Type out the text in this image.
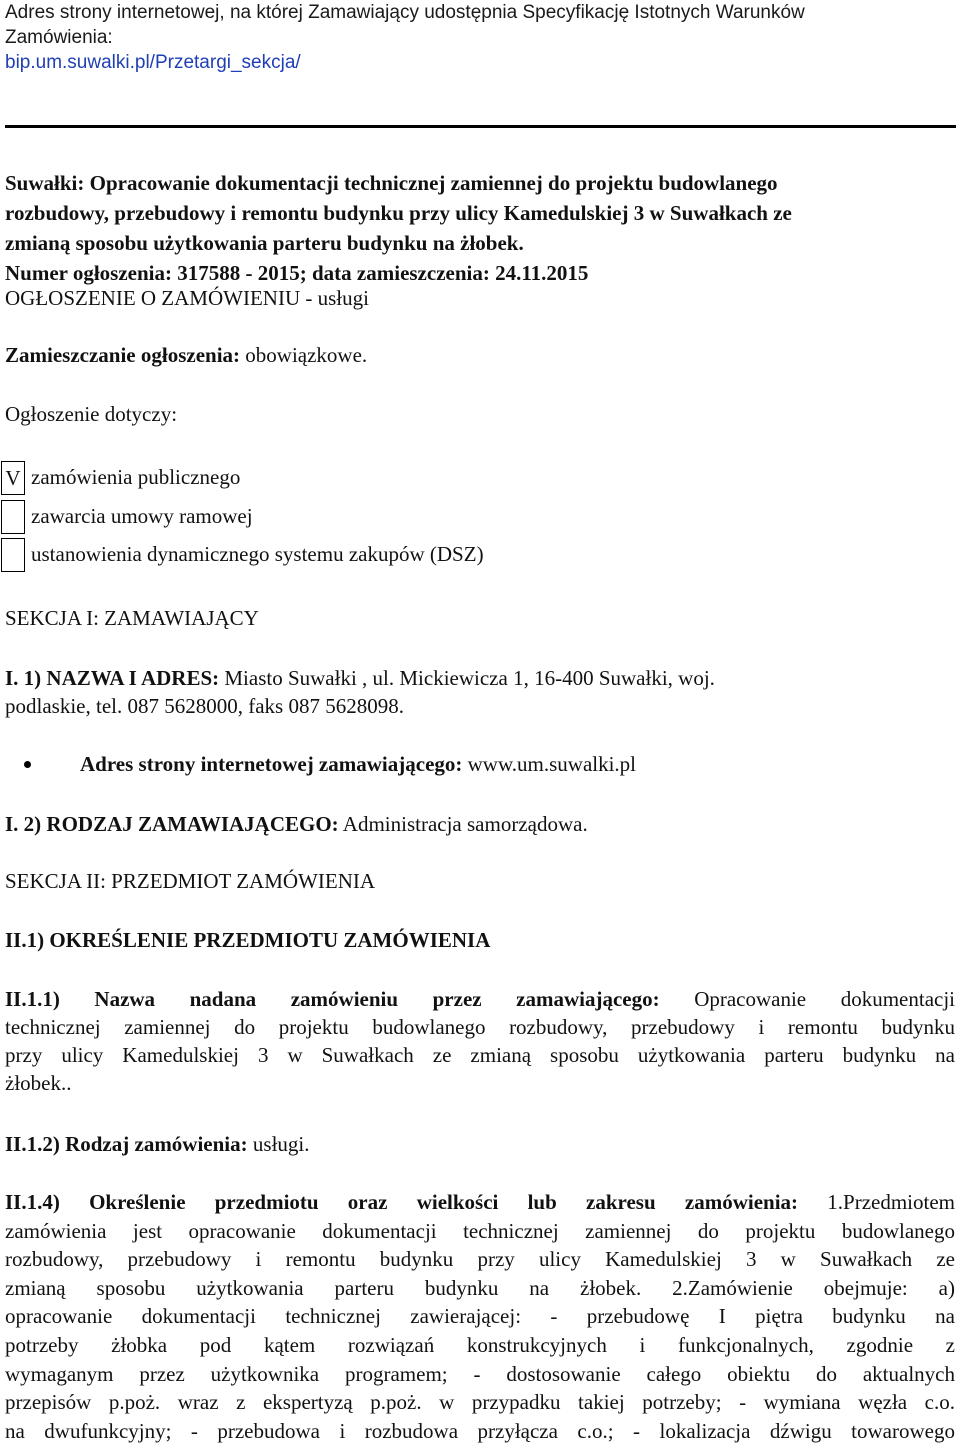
Adres strony internetowej, na której Zamawiający udostępnia Specyfikację Istotnych Warunków
Zamówienia:
bip.um.suwalki.pl/Przetargi_sekcja/
Suwałki: Opracowanie dokumentacji technicznej zamiennej do projektu budowlanego
rozbudowy, przebudowy i remontu budynku przy ulicy Kamedulskiej 3 w Suwałkach ze
zmianą sposobu użytkowania parteru budynku na żłobek.
Numer ogłoszenia: 317588 - 2015; data zamieszczenia: 24.11.2015
OGŁOSZENIE O ZAMÓWIENIU - usługi
Zamieszczanie ogłoszenia: obowiązkowe.
Ogłoszenie dotyczy:
V zamówienia publicznego
zawarcia umowy ramowej
ustanowienia dynamicznego systemu zakupów (DSZ)
SEKCJA I: ZAMAWIAJĄCY
I. 1) NAZWA I ADRES: Miasto Suwałki , ul. Mickiewicza 1, 16-400 Suwałki, woj.
podlaskie, tel. 087 5628000, faks 087 5628098.
Adres strony internetowej zamawiającego: www.um.suwalki.pl
I. 2) RODZAJ ZAMAWIAJĄCEGO: Administracja samorządowa.
SEKCJA II: PRZEDMIOT ZAMÓWIENIA
II.1) OKREŚLENIE PRZEDMIOTU ZAMÓWIENIA
II.1.1) Nazwa nadana zamówieniu przez zamawiającego: Opracowanie dokumentacji
technicznej zamiennej do projektu budowlanego rozbudowy, przebudowy i remontu budynku
przy ulicy Kamedulskiej 3 w Suwałkach ze zmianą sposobu użytkowania parteru budynku na
żłobek..
II.1.2) Rodzaj zamówienia: usługi.
II.1.4) Określenie przedmiotu oraz wielkości lub zakresu zamówienia: 1.Przedmiotem
zamówienia jest opracowanie dokumentacji technicznej zamiennej do projektu budowlanego
rozbudowy, przebudowy i remontu budynku przy ulicy Kamedulskiej 3 w Suwałkach ze
zmianą sposobu użytkowania parteru budynku na żłobek. 2.Zamówienie obejmuje: a)
opracowanie dokumentacji technicznej zawierającej: - przebudowę I piętra budynku na
potrzeby żłobka pod kątem rozwiązań konstrukcyjnych i funkcjonalnych, zgodnie z
wymaganym przez użytkownika programem; - dostosowanie całego obiektu do aktualnych
przepisów p.poż. wraz z ekspertyzą p.poż. w przypadku takiej potrzeby; - wymiana węzła c.o.
na dwufunkcyjny; - przebudowa i rozbudowa przyłącza c.o.; - lokalizacja dźwigu towarowego
